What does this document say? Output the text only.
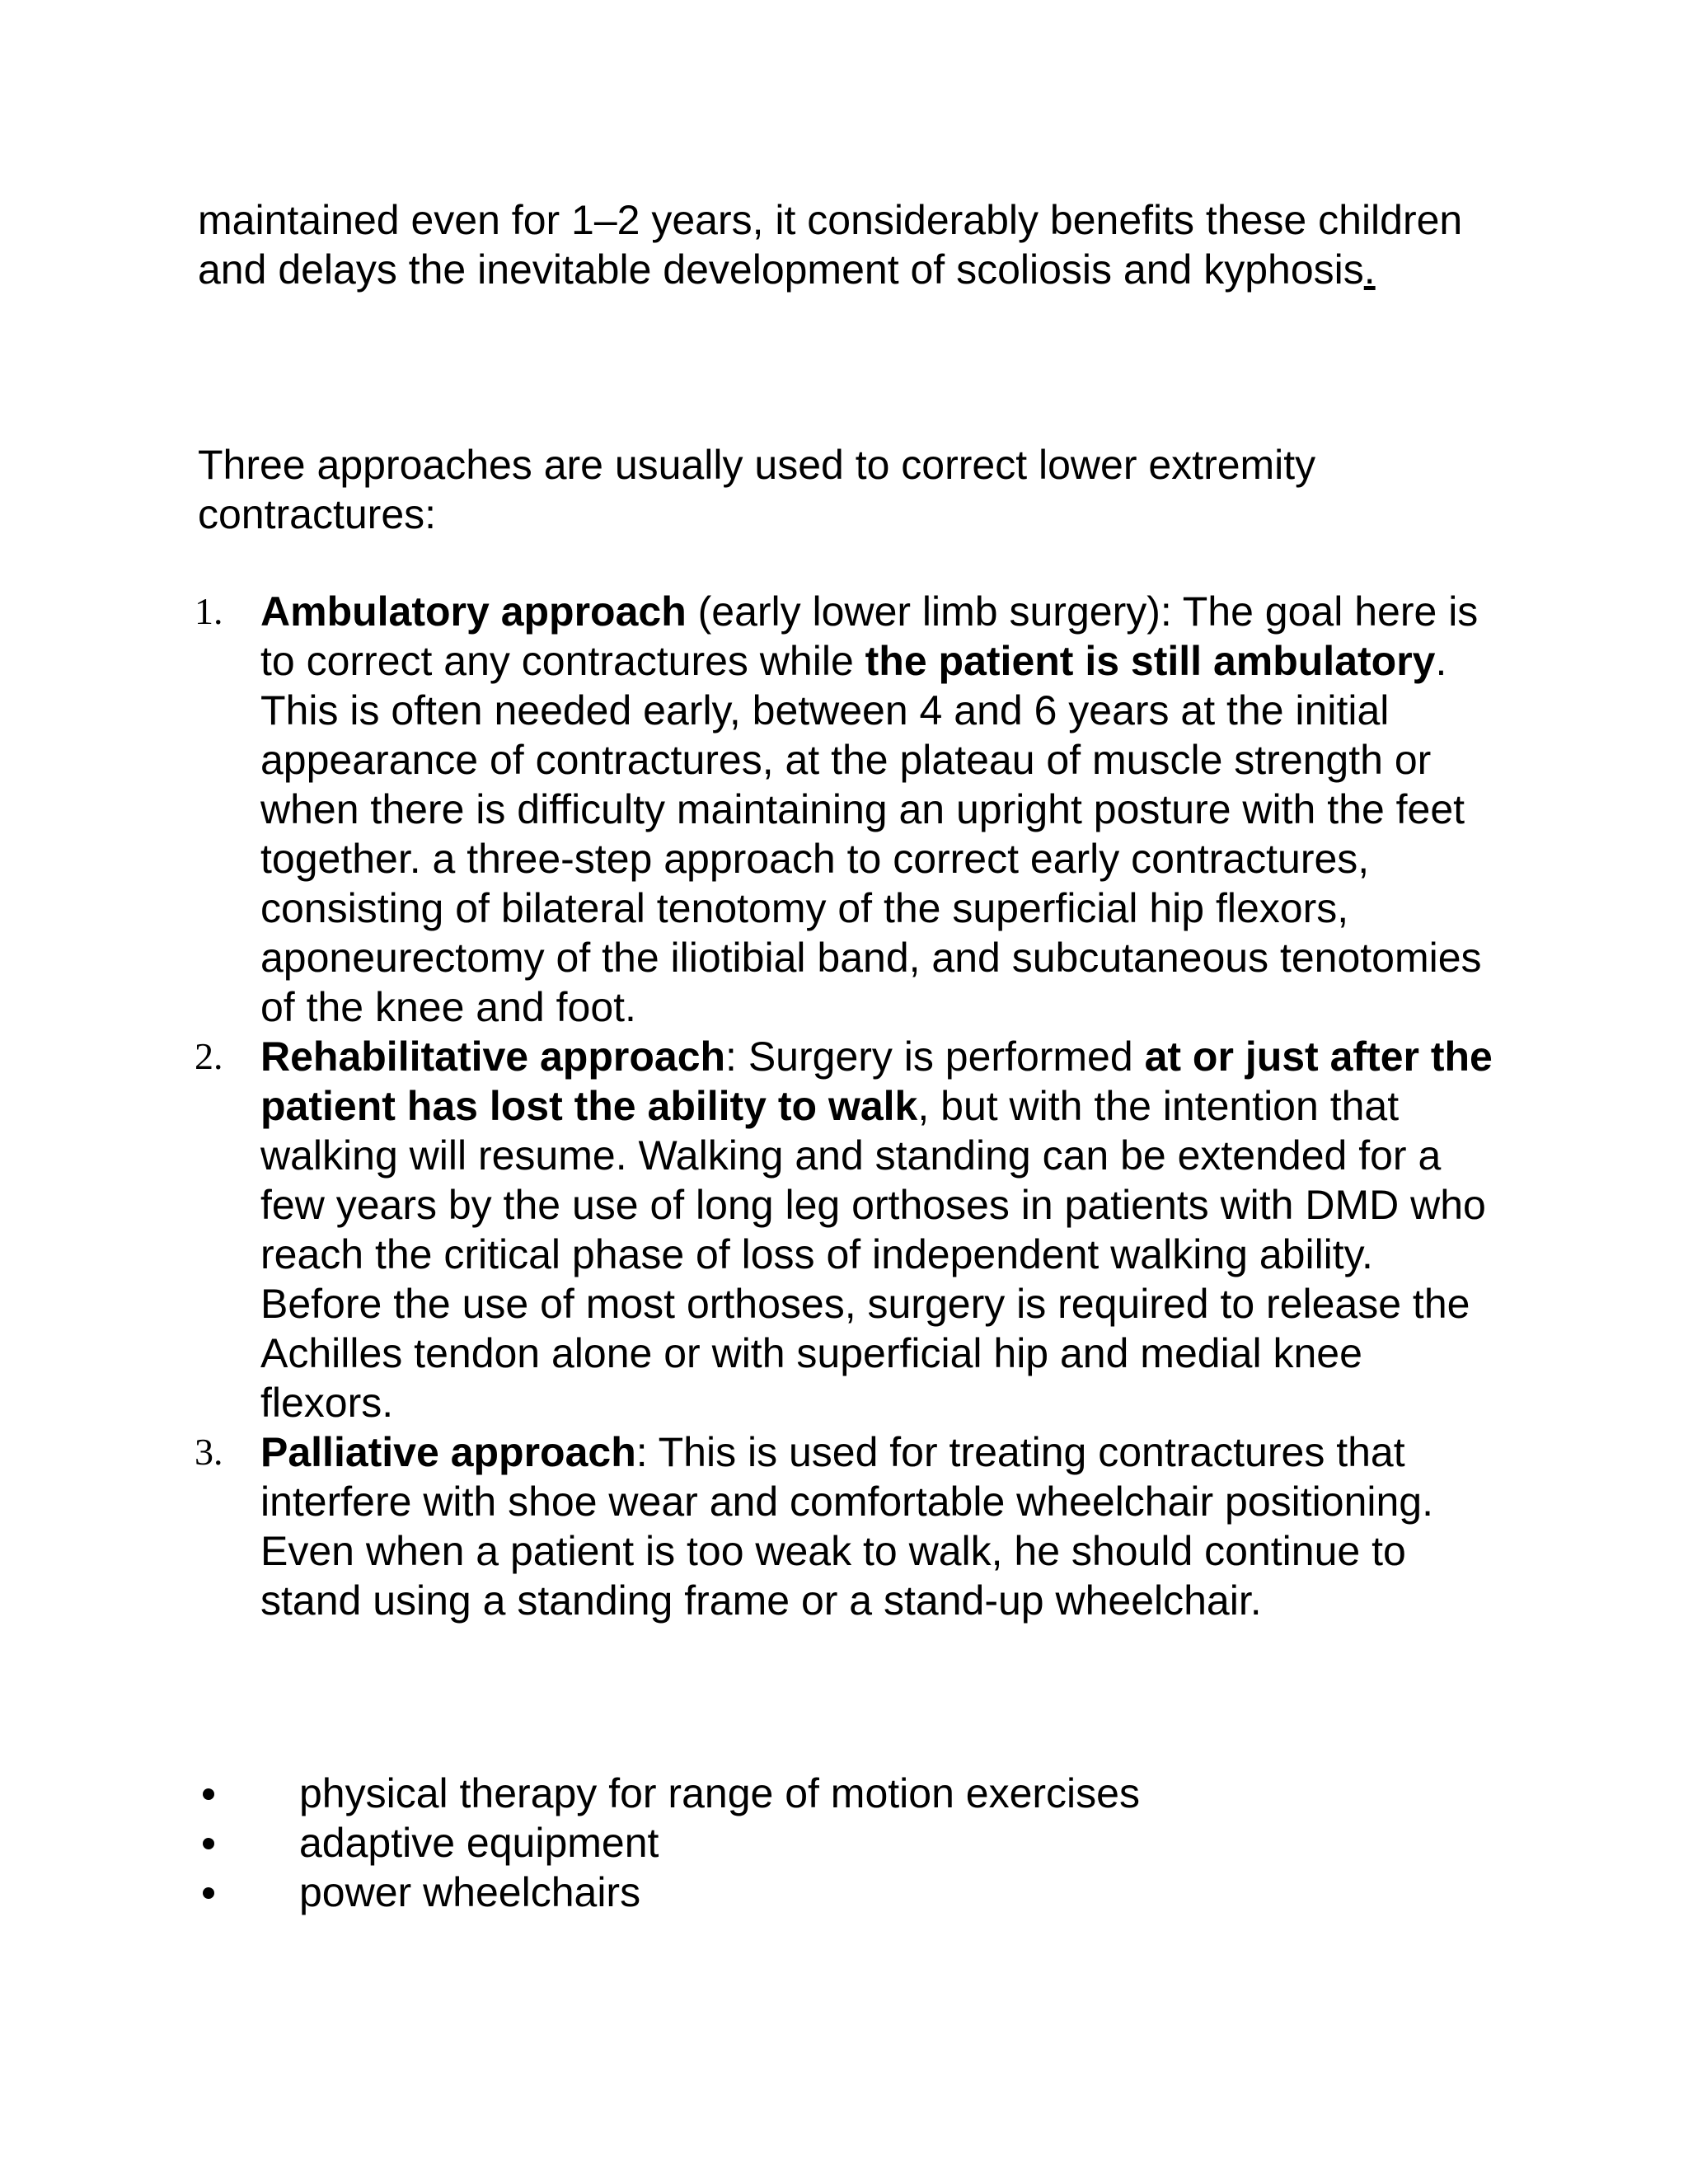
maintained even for 1–2 years, it considerably benefits these children and delays the inevitable development of scoliosis and kyphosis.

Three approaches are usually used to correct lower extremity contractures:

1. Ambulatory approach (early lower limb surgery): The goal here is to correct any contractures while the patient is still ambulatory. This is often needed early, between 4 and 6 years at the initial appearance of contractures, at the plateau of muscle strength or when there is difficulty maintaining an upright posture with the feet together. a three-step approach to correct early contractures, consisting of bilateral tenotomy of the superficial hip flexors, aponeurectomy of the iliotibial band, and subcutaneous tenotomies of the knee and foot.
2. Rehabilitative approach: Surgery is performed at or just after the patient has lost the ability to walk, but with the intention that walking will resume. Walking and standing can be extended for a few years by the use of long leg orthoses in patients with DMD who reach the critical phase of loss of independent walking ability. Before the use of most orthoses, surgery is required to release the Achilles tendon alone or with superficial hip and medial knee flexors.
3. Palliative approach: This is used for treating contractures that interfere with shoe wear and comfortable wheelchair positioning. Even when a patient is too weak to walk, he should continue to stand using a standing frame or a stand-up wheelchair.
physical therapy for range of motion exercises
adaptive equipment
power wheelchairs
